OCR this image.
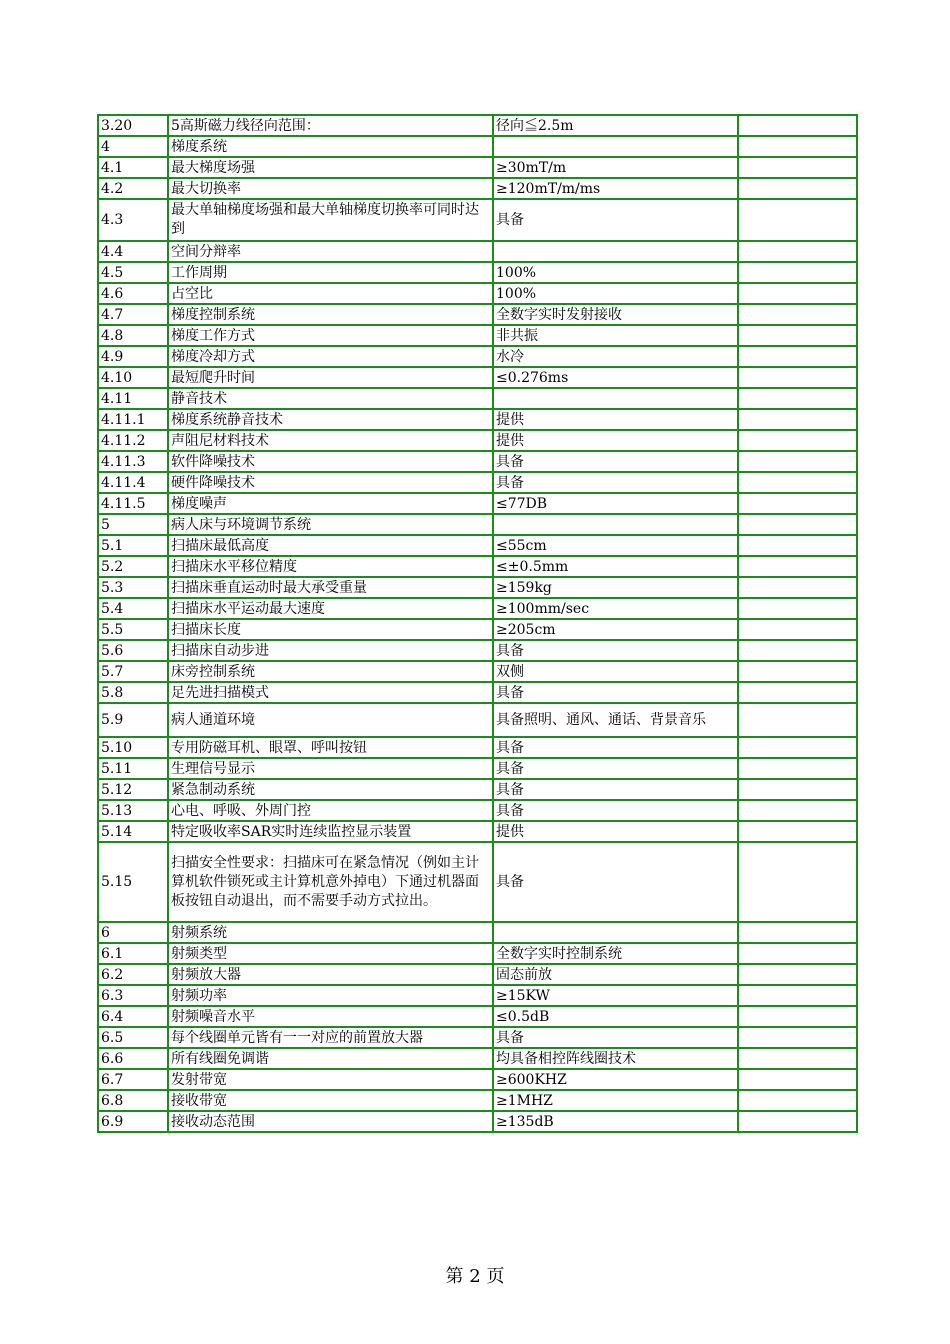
3.20	5高斯磁力线径向范围：	径向≦2.5m	
4	梯度系统		
4.1	最大梯度场强	≥30mT/m	
4.2	最大切换率	≥120mT/m/ms	
4.3	最大单轴梯度场强和最大单轴梯度切换率可同时达到	具备	
4.4	空间分辩率		
4.5	工作周期	100%	
4.6	占空比	100%	
4.7	梯度控制系统	全数字实时发射接收	
4.8	梯度工作方式	非共振	
4.9	梯度冷却方式	水冷	
4.10	最短爬升时间	≤0.276ms	
4.11	静音技术		
4.11.1	梯度系统静音技术	提供	
4.11.2	声阻尼材料技术	提供	
4.11.3	软件降噪技术	具备	
4.11.4	硬件降噪技术	具备	
4.11.5	梯度噪声	≤77DB	
5	病人床与环境调节系统		
5.1	扫描床最低高度	≤55cm	
5.2	扫描床水平移位精度	≤±0.5mm	
5.3	扫描床垂直运动时最大承受重量	≥159kg	
5.4	扫描床水平运动最大速度	≥100mm/sec	
5.5	扫描床长度	≥205cm	
5.6	扫描床自动步进	具备	
5.7	床旁控制系统	双侧	
5.8	足先进扫描模式	具备	
5.9	病人通道环境	具备照明、通风、通话、背景音乐	
5.10	专用防磁耳机、眼罩、呼叫按钮	具备	
5.11	生理信号显示	具备	
5.12	紧急制动系统	具备	
5.13	心电、呼吸、外周门控	具备	
5.14	特定吸收率SAR实时连续监控显示装置	提供	
5.15	扫描安全性要求：扫描床可在紧急情况（例如主计算机软件锁死或主计算机意外掉电）下通过机器面板按钮自动退出，而不需要手动方式拉出。	具备	
6	射频系统		
6.1	射频类型	全数字实时控制系统	
6.2	射频放大器	固态前放	
6.3	射频功率	≥15KW	
6.4	射频噪音水平	≤0.5dB	
6.5	每个线圈单元皆有一一对应的前置放大器	具备	
6.6	所有线圈免调谐	均具备相控阵线圈技术	
6.7	发射带宽	≥600KHZ	
6.8	接收带宽	≥1MHZ	
6.9	接收动态范围	≥135dB	
第 2 页
